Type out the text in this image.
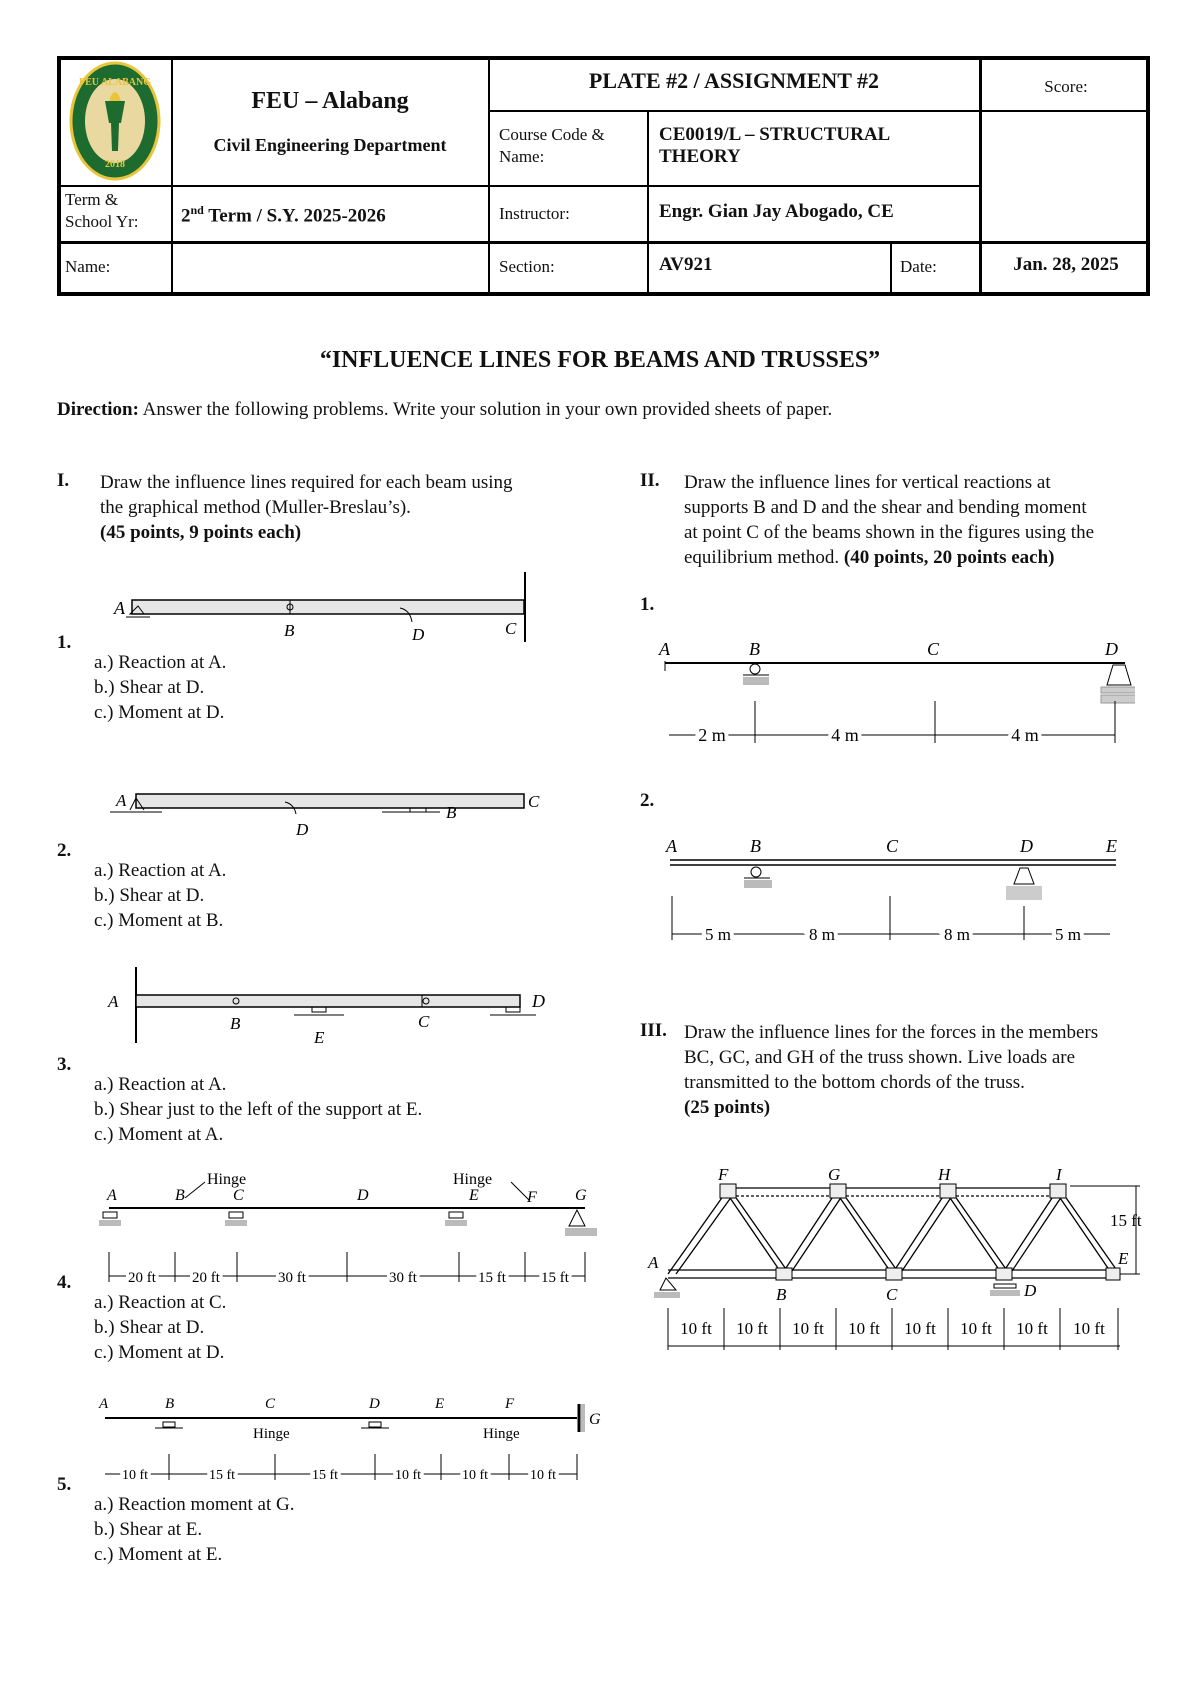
FEU ALABANG
2018
FEU – Alabang
Civil Engineering Department
PLATE #2 / ASSIGNMENT #2	Score:
Course Code & Name:
CE0019/L – STRUCTURAL THEORY
Term & School Yr:	2nd Term / S.Y. 2025-2026	Instructor:	Engr. Gian Jay Abogado, CE
Name:	Section:	AV921	Date:	Jan. 28, 2025
“INFLUENCE LINES FOR BEAMS AND TRUSSES”
Direction: Answer the following problems. Write your solution in your own provided sheets of paper.
I. Draw the influence lines required for each beam using
the graphical method (Muller-Breslau’s).
(45 points, 9 points each)
1.
a.) Reaction at A.
b.) Shear at D.
c.) Moment at D.
2.
a.) Reaction at A.
b.) Shear at D.
c.) Moment at B.
3.
a.) Reaction at A.
b.) Shear just to the left of the support at E.
c.) Moment at A.
4.
a.) Reaction at C.
b.) Shear at D.
c.) Moment at D.
5.
a.) Reaction moment at G.
b.) Shear at E.
c.) Moment at E.
II. Draw the influence lines for vertical reactions at
supports B and D and the shear and bending moment
at point C of the beams shown in the figures using the
equilibrium method. (40 points, 20 points each)
1.
2.
III. Draw the influence lines for the forces in the members
BC, GC, and GH of the truss shown. Live loads are
transmitted to the bottom chords of the truss.
(25 points)
A
B	D	C
A	C
D
B
A
B
E
C
D
A	B	C	D	E	F G
Hinge	Hinge
20 ft 20 ft	30 ft	30 ft	15 ft 15 ft
A	B	C	D	E	F
G
Hinge	Hinge
10 ft	15 ft	15 ft	10 ft	10 ft	10 ft
A	B	C	D
2 m	4 m	4 m
A	B	C	D	E
5 m	8 m	8 m	5 m
15 ft
F	G	H	I
A
B	C	D
E
10 ft 10 ft 10 ft 10 ft 10 ft 10 ft 10 ft 10 ft
